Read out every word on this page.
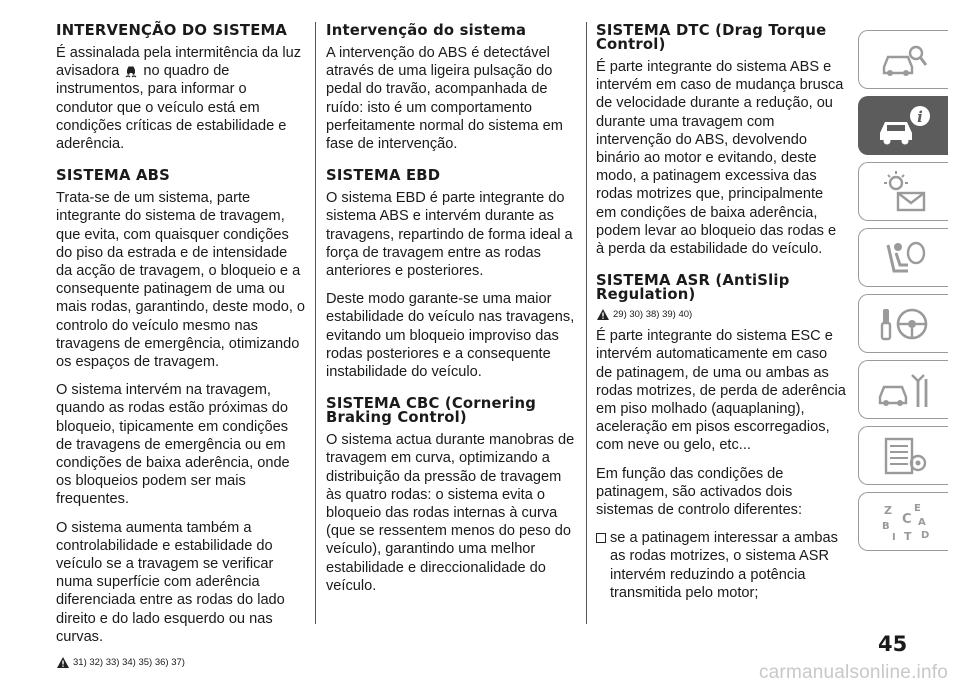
INTERVENÇÃO DO SISTEMA

É assinalada pela intermitência da luz avisadora no quadro de instrumentos, para informar o condutor que o veículo está em condições críticas de estabilidade e aderência.

SISTEMA ABS

Trata-se de um sistema, parte integrante do sistema de travagem, que evita, com quaisquer condições do piso da estrada e de intensidade da acção de travagem, o bloqueio e a consequente patinagem de uma ou mais rodas, garantindo, deste modo, o controlo do veículo mesmo nas travagens de emergência, otimizando os espaços de travagem.

O sistema intervém na travagem, quando as rodas estão próximas do bloqueio, tipicamente em condições de travagens de emergência ou em condições de baixa aderência, onde os bloqueios podem ser mais frequentes.

O sistema aumenta também a controlabilidade e estabilidade do veículo se a travagem se verificar numa superfície com aderência diferenciada entre as rodas do lado direito e do lado esquerdo ou nas curvas.

31) 32) 33) 34) 35) 36) 37)
Intervenção do sistema

A intervenção do ABS é detectável através de uma ligeira pulsação do pedal do travão, acompanhada de ruído: isto é um comportamento perfeitamente normal do sistema em fase de intervenção.

SISTEMA EBD

O sistema EBD é parte integrante do sistema ABS e intervém durante as travagens, repartindo de forma ideal a força de travagem entre as rodas anteriores e posteriores.

Deste modo garante-se uma maior estabilidade do veículo nas travagens, evitando um bloqueio improviso das rodas posteriores e a consequente instabilidade do veículo.

SISTEMA CBC (Cornering Braking Control)

O sistema actua durante manobras de travagem em curva, optimizando a distribuição da pressão de travagem às quatro rodas: o sistema evita o bloqueio das rodas internas à curva (que se ressentem menos do peso do veículo), garantindo uma melhor estabilidade e direccionalidade do veículo.

SISTEMA DTC (Drag Torque Control)

É parte integrante do sistema ABS e intervém em caso de mudança brusca de velocidade durante a redução, ou durante uma travagem com intervenção do ABS, devolvendo binário ao motor e evitando, deste modo, a patinagem excessiva das rodas motrizes que, principalmente em condições de baixa aderência, podem levar ao bloqueio das rodas e à perda da estabilidade do veículo.

SISTEMA ASR (AntiSlip Regulation)
29) 30) 38) 39) 40)

É parte integrante do sistema ESC e intervém automaticamente em caso de patinagem, de uma ou ambas as rodas motrizes, de perda de aderência em piso molhado (aquaplaning), aceleração em pisos escorregadios, com neve ou gelo, etc...

Em função das condições de patinagem, são activados dois sistemas de controlo diferentes:

se a patinagem interessar a ambas as rodas motrizes, o sistema ASR intervém reduzindo a potência transmitida pelo motor;
i
Z E
B C
T
A
D
I
45
carmanualsonline.info
